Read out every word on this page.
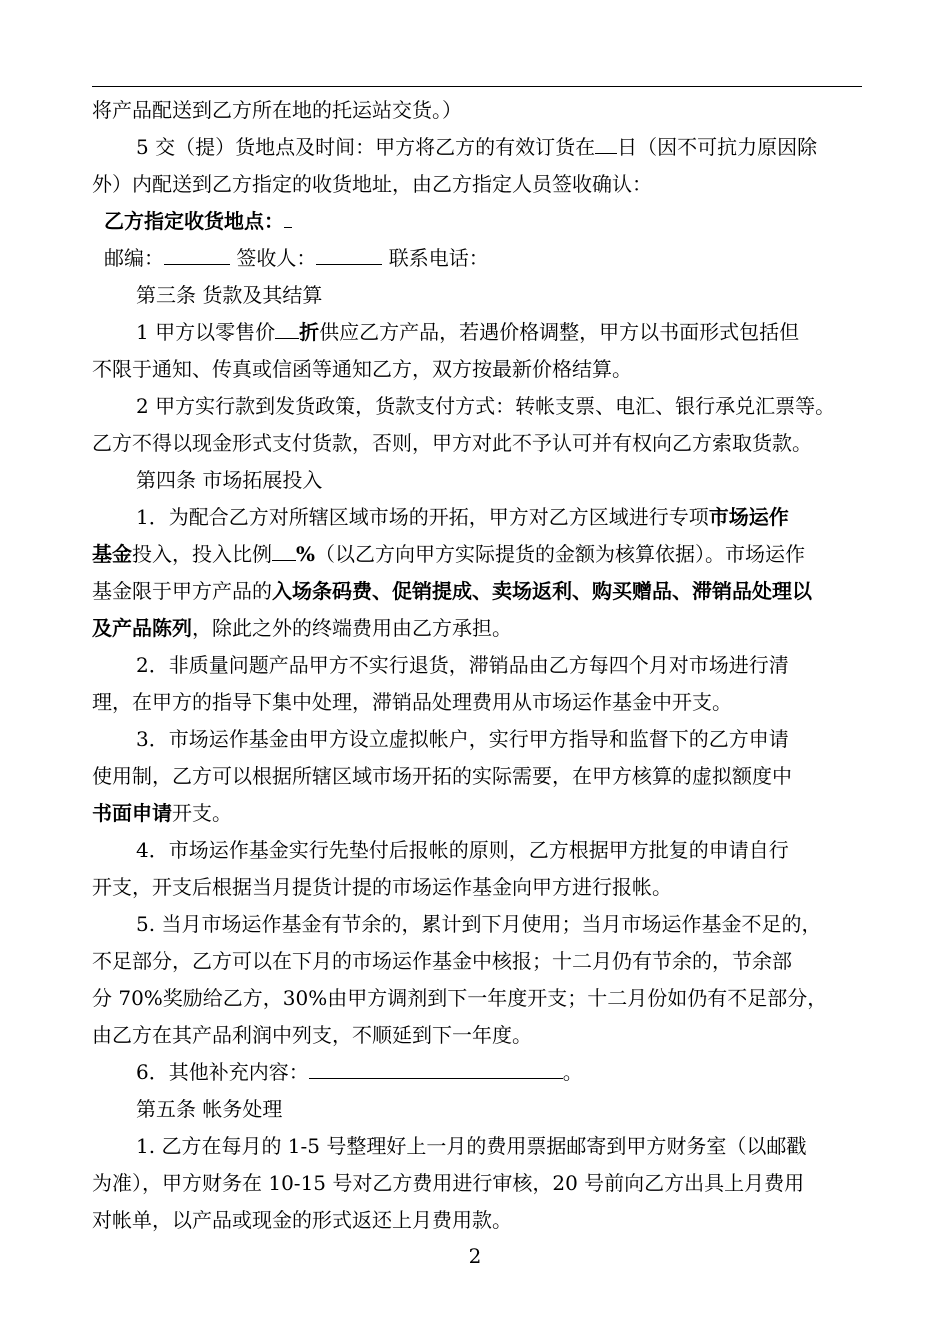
将产品配送到乙方所在地的托运站交货。）
5 交（提）货地点及时间：甲方将乙方的有效订货在 日（因不可抗力原因除
外）内配送到乙方指定的收货地址，由乙方指定人员签收确认：
乙方指定收货地点：
邮编：	签收人：	联系电话：
第三条 货款及其结算
1 甲方以零售价 折供应乙方产品，若遇价格调整，甲方以书面形式包括但
不限于通知、传真或信函等通知乙方，双方按最新价格结算。
2 甲方实行款到发货政策，货款支付方式：转帐支票、电汇、银行承兑汇票等。
乙方不得以现金形式支付货款，否则，甲方对此不予认可并有权向乙方索取货款。
第四条 市场拓展投入
1．为配合乙方对所辖区域市场的开拓，甲方对乙方区域进行专项市场运作
基金投入，投入比例 %（以乙方向甲方实际提货的金额为核算依据）。市场运作
基金限于甲方产品的入场条码费、促销提成、卖场返利、购买赠品、滞销品处理以
及产品陈列，除此之外的终端费用由乙方承担。
2．非质量问题产品甲方不实行退货，滞销品由乙方每四个月对市场进行清
理，在甲方的指导下集中处理，滞销品处理费用从市场运作基金中开支。
3．市场运作基金由甲方设立虚拟帐户，实行甲方指导和监督下的乙方申请
使用制，乙方可以根据所辖区域市场开拓的实际需要，在甲方核算的虚拟额度中
书面申请开支。
4．市场运作基金实行先垫付后报帐的原则，乙方根据甲方批复的申请自行
开支，开支后根据当月提货计提的市场运作基金向甲方进行报帐。
5. 当月市场运作基金有节余的，累计到下月使用；当月市场运作基金不足的，
不足部分，乙方可以在下月的市场运作基金中核报；十二月仍有节余的，节余部
分 70%奖励给乙方，30%由甲方调剂到下一年度开支；十二月份如仍有不足部分，
由乙方在其产品利润中列支，不顺延到下一年度。
6．其他补充内容：	。
第五条 帐务处理
1. 乙方在每月的 1-5 号整理好上一月的费用票据邮寄到甲方财务室（以邮戳
为准），甲方财务在 10-15 号对乙方费用进行审核，20 号前向乙方出具上月费用
对帐单，以产品或现金的形式返还上月费用款。
2
